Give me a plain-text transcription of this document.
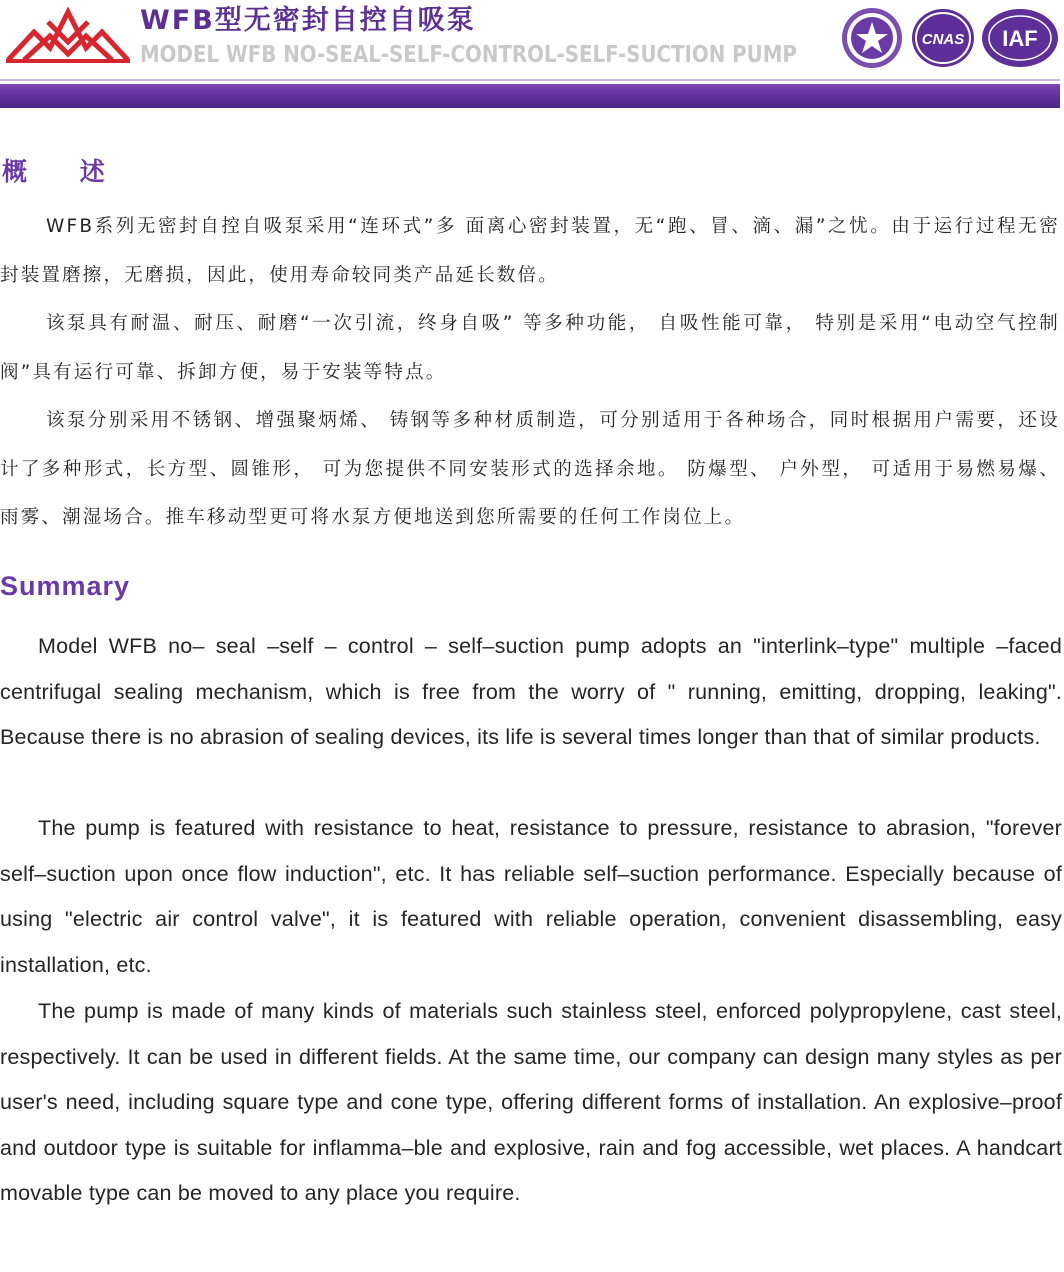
WFB型无密封自控自吸泵
MODEL WFB NO-SEAL-SELF-CONTROL-SELF-SUCTION PUMP
CNAS IAF
概 述

WFB系列无密封自控自吸泵采用“连环式”多 面离心密封装置，无“跑、冒、滴、漏”之忧。由于运行过程无密封装置磨擦，无磨损，因此，使用寿命较同类产品延长数倍。

该泵具有耐温、耐压、耐磨“一次引流，终身自吸” 等多种功能， 自吸性能可靠， 特别是采用“电动空气控制阀”具有运行可靠、拆卸方便，易于安装等特点。

该泵分别采用不锈钢、增强聚炳烯、 铸钢等多种材质制造，可分别适用于各种场合，同时根据用户需要，还设计了多种形式，长方型、圆锥形， 可为您提供不同安装形式的选择余地。 防爆型、 户外型， 可适用于易燃易爆、雨雾、潮湿场合。推车移动型更可将水泵方便地送到您所需要的任何工作岗位上。

Summary

Model WFB no– seal –self – control – self–suction pump adopts an "interlink–type" multiple –faced centrifugal sealing mechanism, which is free from the worry of " running, emitting, dropping, leaking". Because there is no abrasion of sealing devices, its life is several times longer than that of similar products.

The pump is featured with resistance to heat, resistance to pressure, resistance to abrasion, "forever self–suction upon once flow induction", etc. It has reliable self–suction performance. Especially because of using "electric air control valve", it is featured with reliable operation, convenient disassembling, easy installation, etc.

The pump is made of many kinds of materials such stainless steel, enforced polypropylene, cast steel, respectively. It can be used in different fields. At the same time, our company can design many styles as per user's need, including square type and cone type, offering different forms of installation. An explosive–proof and outdoor type is suitable for inflamma–ble and explosive, rain and fog accessible, wet places. A handcart movable type can be moved to any place you require.
